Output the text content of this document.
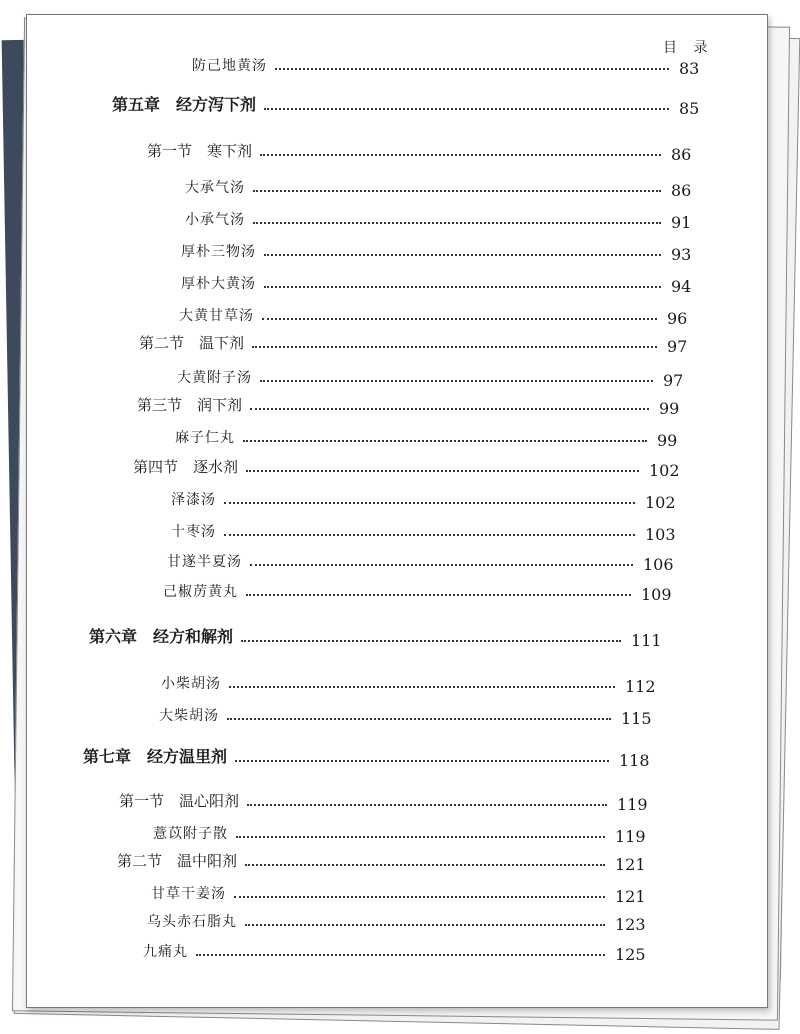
目 录
防己地黄汤	83
第五章　经方泻下剂	85
第一节　寒下剂	86
大承气汤	86
小承气汤	91
厚朴三物汤	93
厚朴大黄汤	94
大黄甘草汤	96
第二节　温下剂	97
大黄附子汤	97
第三节　润下剂	99
麻子仁丸	99
第四节　逐水剂	102
泽漆汤	102
十枣汤	103
甘遂半夏汤	106
己椒苈黄丸	109
第六章　经方和解剂	111
小柴胡汤	112
大柴胡汤	115
第七章　经方温里剂	118
第一节　温心阳剂	119
薏苡附子散	119
第二节　温中阳剂	121
甘草干姜汤	121
乌头赤石脂丸	123
九痛丸	125
